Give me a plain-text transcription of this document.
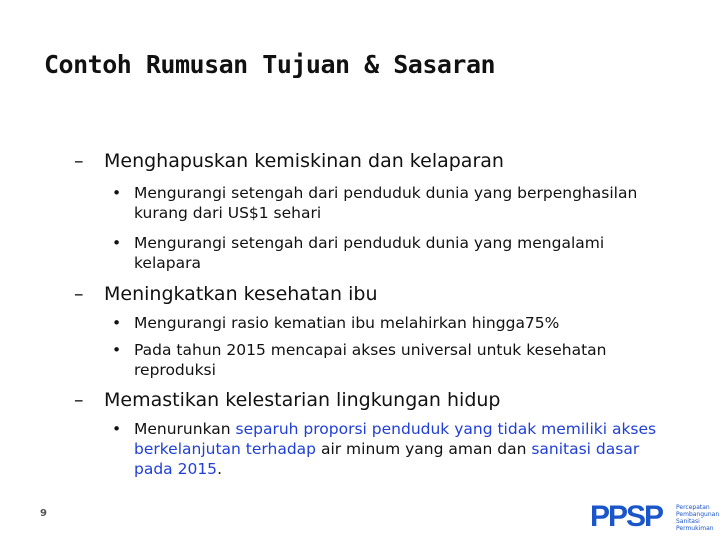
Contoh Rumusan Tujuan & Sasaran
–	Menghapuskan kemiskinan dan kelaparan
• Mengurangi setengah dari penduduk dunia yang berpenghasilan
kurang dari US$1 sehari
• Mengurangi setengah dari penduduk dunia yang mengalami
kelapara
–	Meningkatkan kesehatan ibu
• Mengurangi rasio kematian ibu melahirkan hingga75%
• Pada tahun 2015 mencapai akses universal untuk kesehatan
reproduksi
–	Memastikan kelestarian lingkungan hidup
• Menurunkan separuh proporsi penduduk yang tidak memiliki akses
berkelanjutan terhadap air minum yang aman dan sanitasi dasar
pada 2015.
9	PPSP Percepatan
Pembangunan
Sanitasi
Permukiman
